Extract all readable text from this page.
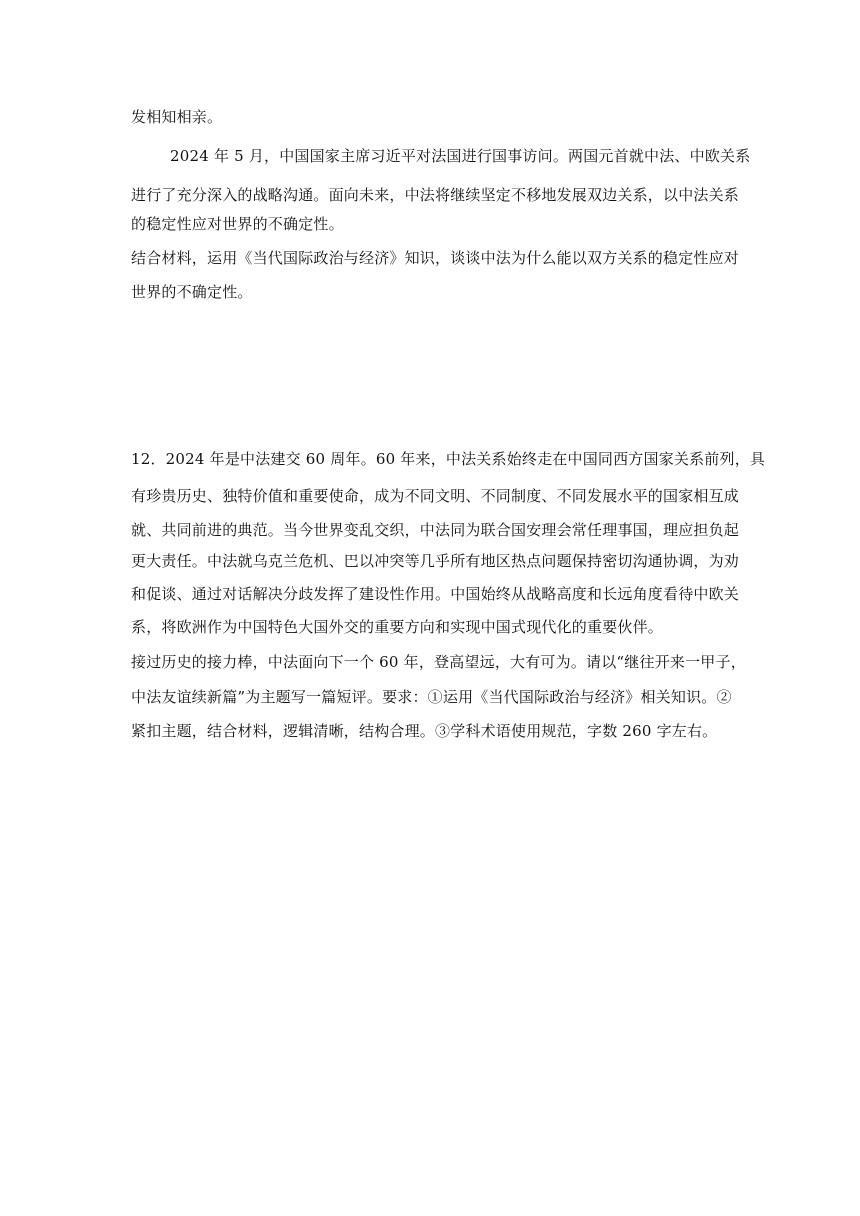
发相知相亲。
2024 年 5 月，中国国家主席习近平对法国进行国事访问。两国元首就中法、中欧关系
进行了充分深入的战略沟通。面向未来，中法将继续坚定不移地发展双边关系，以中法关系
的稳定性应对世界的不确定性。
结合材料，运用《当代国际政治与经济》知识，谈谈中法为什么能以双方关系的稳定性应对
世界的不确定性。
12．2024 年是中法建交 60 周年。60 年来，中法关系始终走在中国同西方国家关系前列，具
有珍贵历史、独特价值和重要使命，成为不同文明、不同制度、不同发展水平的国家相互成
就、共同前进的典范。当今世界变乱交织，中法同为联合国安理会常任理事国，理应担负起
更大责任。中法就乌克兰危机、巴以冲突等几乎所有地区热点问题保持密切沟通协调，为劝
和促谈、通过对话解决分歧发挥了建设性作用。中国始终从战略高度和长远角度看待中欧关
系，将欧洲作为中国特色大国外交的重要方向和实现中国式现代化的重要伙伴。
接过历史的接力棒，中法面向下一个 60 年，登高望远，大有可为。请以“继往开来一甲子，
中法友谊续新篇”为主题写一篇短评。要求：①运用《当代国际政治与经济》相关知识。②
紧扣主题，结合材料，逻辑清晰，结构合理。③学科术语使用规范，字数 260 字左右。
